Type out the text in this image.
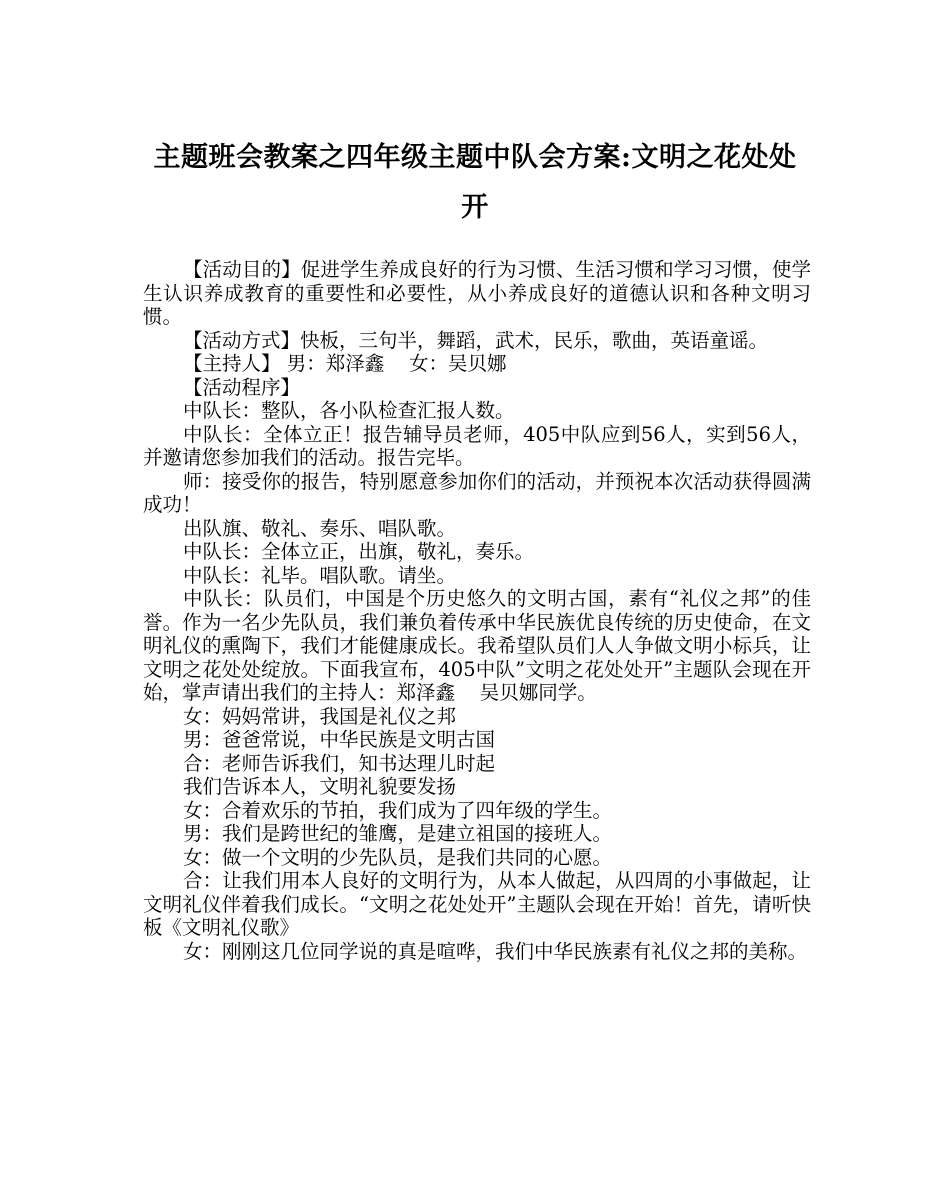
主题班会教案之四年级主题中队会方案:文明之花处处开

【活动目的】促进学生养成良好的行为习惯、生活习惯和学习习惯，使学生认识养成教育的重要性和必要性，从小养成良好的道德认识和各种文明习惯。

【活动方式】快板，三句半，舞蹈，武术，民乐，歌曲，英语童谣。

【主持人】 男：郑泽鑫    女：吴贝娜

【活动程序】

中队长：整队，各小队检查汇报人数。

中队长：全体立正！报告辅导员老师，405中队应到56人，实到56人，并邀请您参加我们的活动。报告完毕。

师：接受你的报告，特别愿意参加你们的活动，并预祝本次活动获得圆满成功！

出队旗、敬礼、奏乐、唱队歌。

中队长：全体立正，出旗，敬礼，奏乐。

中队长：礼毕。唱队歌。请坐。

中队长：队员们，中国是个历史悠久的文明古国，素有“礼仪之邦”的佳誉。作为一名少先队员，我们兼负着传承中华民族优良传统的历史使命，在文明礼仪的熏陶下，我们才能健康成长。我希望队员们人人争做文明小标兵，让文明之花处处绽放。下面我宣布，405中队”文明之花处处开”主题队会现在开始，掌声请出我们的主持人：郑泽鑫    吴贝娜同学。

女：妈妈常讲，我国是礼仪之邦

男：爸爸常说，中华民族是文明古国

合：老师告诉我们，知书达理儿时起

我们告诉本人，文明礼貌要发扬

女：合着欢乐的节拍，我们成为了四年级的学生。

男：我们是跨世纪的雏鹰，是建立祖国的接班人。

女：做一个文明的少先队员，是我们共同的心愿。

合：让我们用本人良好的文明行为，从本人做起，从四周的小事做起，让文明礼仪伴着我们成长。“文明之花处处开”主题队会现在开始！首先，请听快板《文明礼仪歌》

女：刚刚这几位同学说的真是喧哗，我们中华民族素有礼仪之邦的美称。
